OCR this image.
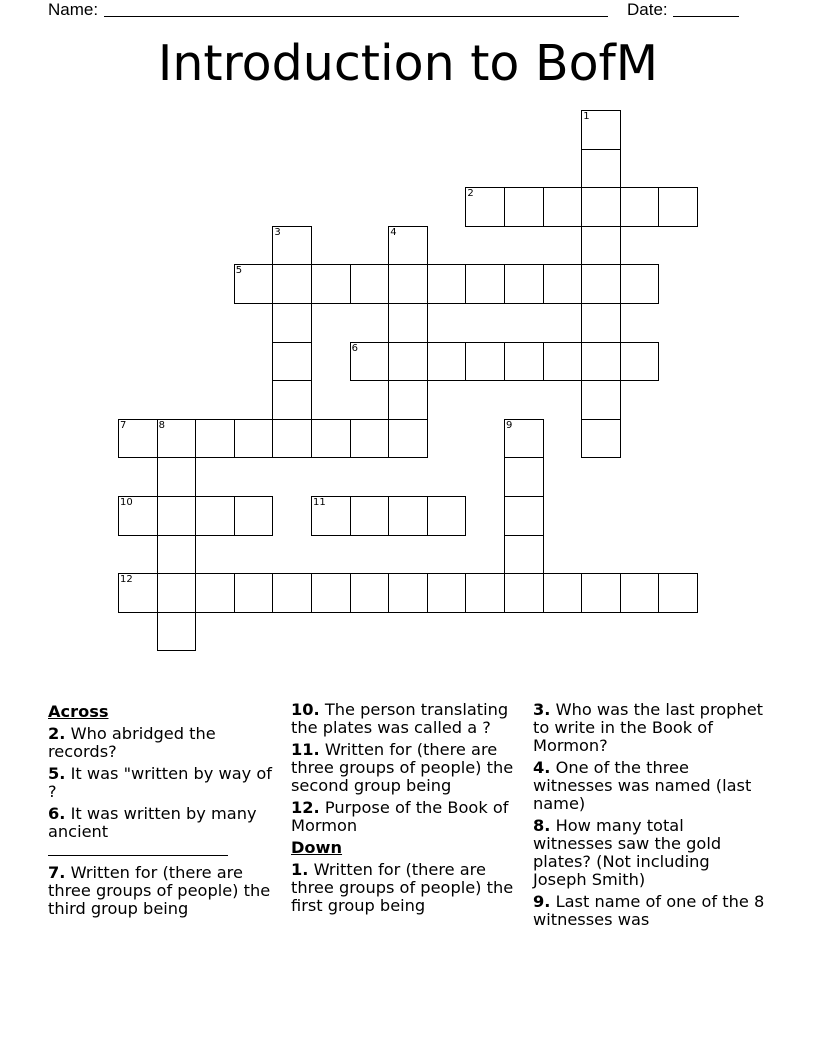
Name:	Date:
Introduction to BofM
1
2
3	4
5
6
7	8	9
10	11
12
Across
2. Who abridged the records?
5. It was "written by way of ?
6. It was written by many ancient

7. Written for (there are three groups of people) the third group being
10. The person translating the plates was called a ?
11. Written for (there are three groups of people) the second group being
12. Purpose of the Book of Mormon
Down
1. Written for (there are three groups of people) the first group being
3. Who was the last prophet to write in the Book of Mormon?
4. One of the three witnesses was named (last name)
8. How many total witnesses saw the gold plates? (Not including Joseph Smith)
9. Last name of one of the 8 witnesses was
